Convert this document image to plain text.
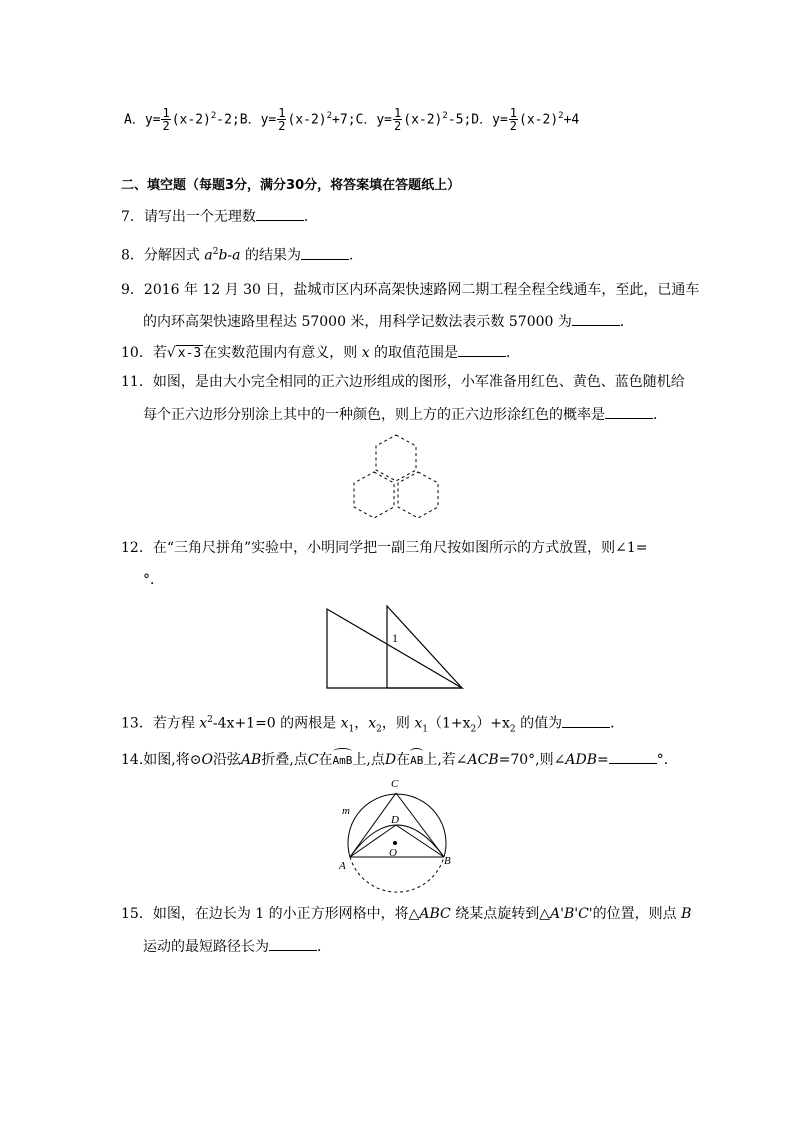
A．$y= \frac{1}{2}$ $(x-2)^2-2;B$．$y= \frac{1}{2}$ $(x-2)^2+7;C$．$y= \frac{1}{2}$ $(x-2)^2-5;D$．$y= \frac{1}{2} (x-2)^2+4$
二、填空题（每题3分，满分30分，将答案填在答题纸上）
7．请写出一个无理数	．
8．分解因式 $a^2b-a$ 的结果为	．
9．2016 年 12 月 30 日，盐城市区内环高架快速路网二期工程全程全线通车，至此，已通车
的内环高架快速路里程达 57000 米，用科学记数法表示数 57000 为	．
10．若√ x-3 在实数范围内有意义，则 x 的取值范围是	．
11．如图，是由大小完全相同的正六边形组成的图形，小军准备用红色、黄色、蓝色随机给
每个正六边形分别涂上其中的一种颜色，则上方的正六边形涂红色的概率是	．
12．在“三角尺拼角”实验中，小明同学把一副三角尺按如图所示的方式放置，则∠1=
°．
1
13．若方程 $x^2-4x+1=0$ 的两根是 $x_1$，$x_2$，则 $x_1(1+x_2)+x_2$ 的值为	．
14.如图,将⊙O沿弦AB折叠,点C在AmB上,点D在AB上,若∠ACB=70°,则∠ADB=	°．
C
D
O
A	B
m
15．如图，在边长为 1 的小正方形网格中，将△ABC 绕某点旋转到△A'B'C'的位置，则点 B
运动的最短路径长为	．
